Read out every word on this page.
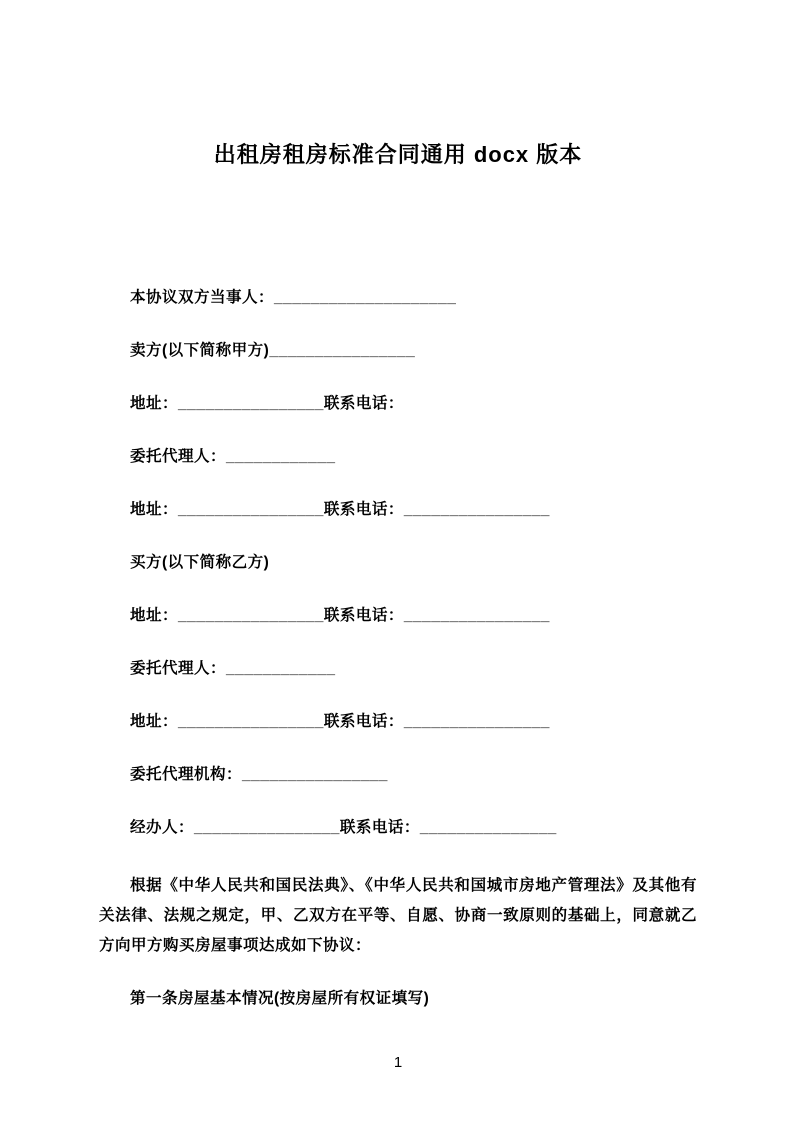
出租房租房标准合同通用 docx 版本

本协议双方当事人：____________________

卖方(以下简称甲方)________________

地址：________________联系电话：

委托代理人：____________

地址：________________联系电话：________________

买方(以下简称乙方)

地址：________________联系电话：________________

委托代理人：____________

地址：________________联系电话：________________

委托代理机构：________________

经办人：________________联系电话：_______________

根据《中华人民共和国民法典》、《中华人民共和国城市房地产管理法》及其他有关法律、法规之规定，甲、乙双方在平等、自愿、协商一致原则的基础上，同意就乙方向甲方购买房屋事项达成如下协议：

第一条房屋基本情况(按房屋所有权证填写)

1
